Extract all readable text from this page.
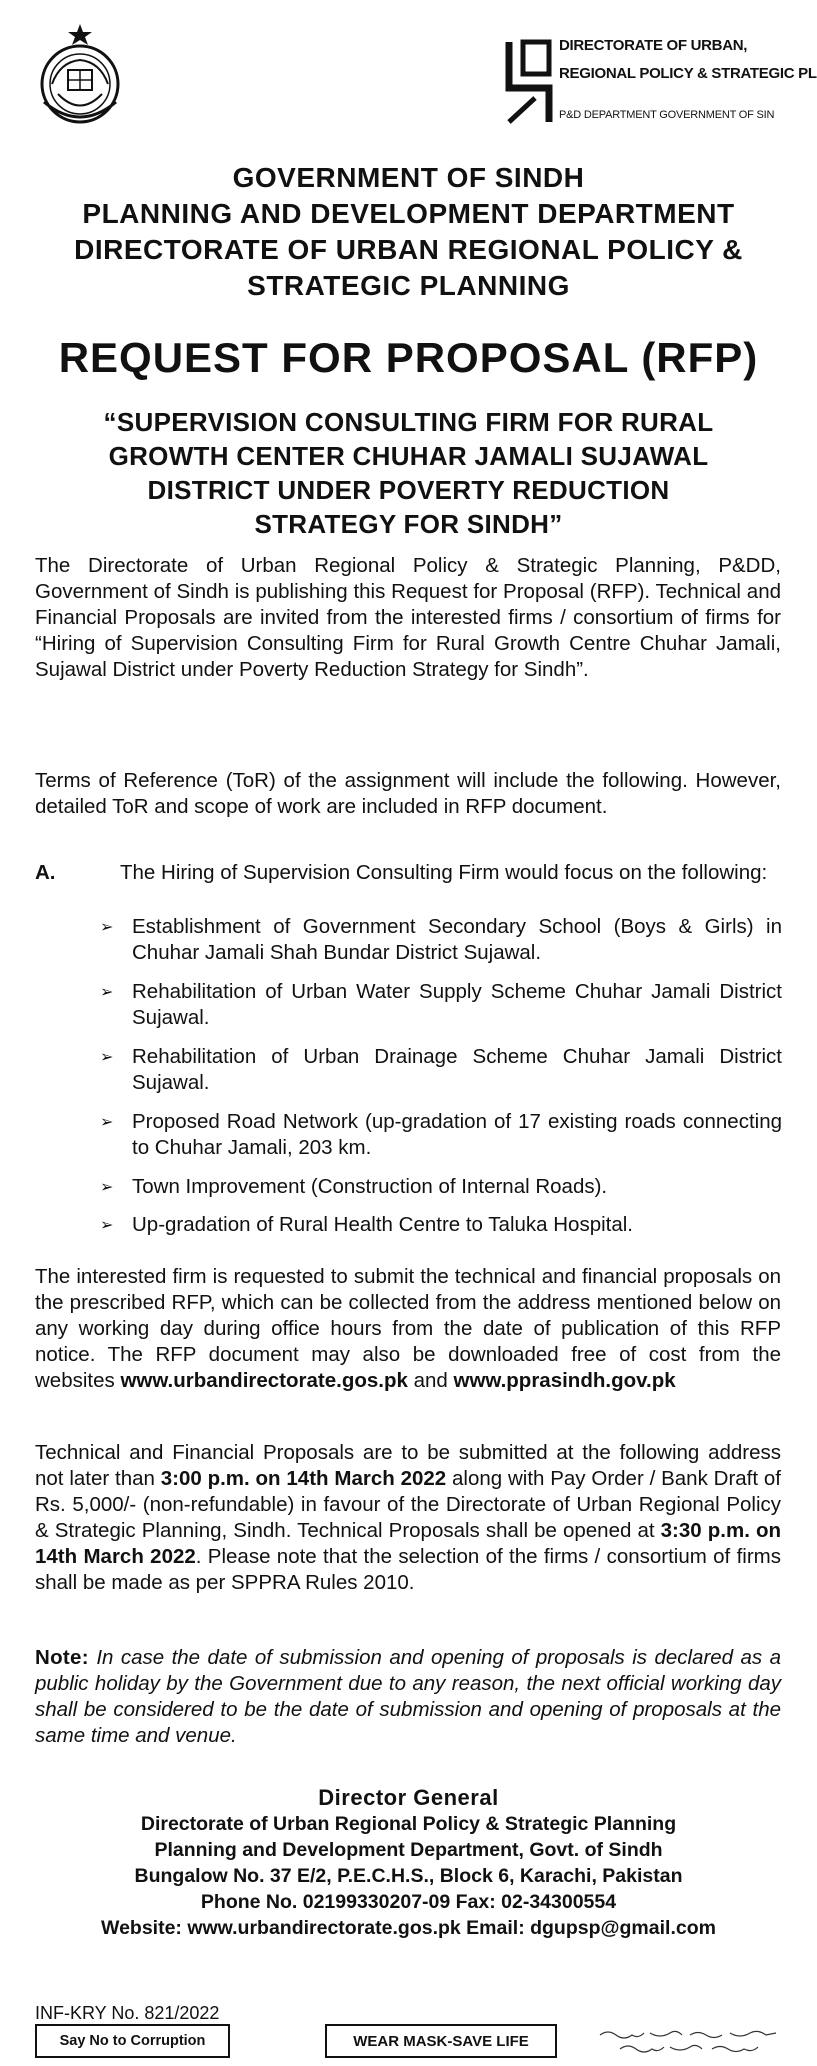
DIRECTORATE OF URBAN,
REGIONAL POLICY & STRATEGIC PL
P&D DEPARTMENT GOVERNMENT OF SIN
GOVERNMENT OF SINDH
PLANNING AND DEVELOPMENT DEPARTMENT
DIRECTORATE OF URBAN REGIONAL POLICY &
STRATEGIC PLANNING
REQUEST FOR PROPOSAL (RFP)
“SUPERVISION CONSULTING FIRM FOR RURAL
GROWTH CENTER CHUHAR JAMALI SUJAWAL
DISTRICT UNDER POVERTY REDUCTION
STRATEGY FOR SINDH”
The Directorate of Urban Regional Policy & Strategic Planning, P&DD, Government of Sindh is publishing this Request for Proposal (RFP). Technical and Financial Proposals are invited from the interested firms / consortium of firms for “Hiring of Supervision Consulting Firm for Rural Growth Centre Chuhar Jamali, Sujawal District under Poverty Reduction Strategy for Sindh”.
Terms of Reference (ToR) of the assignment will include the following. However, detailed ToR and scope of work are included in RFP document.
A.	The Hiring of Supervision Consulting Firm would focus on the following:
➢ Establishment of Government Secondary School (Boys & Girls) in Chuhar Jamali Shah Bundar District Sujawal.
➢ Rehabilitation of Urban Water Supply Scheme Chuhar Jamali District Sujawal.
➢ Rehabilitation of Urban Drainage Scheme Chuhar Jamali District Sujawal.
➢ Proposed Road Network (up-gradation of 17 existing roads connecting to Chuhar Jamali, 203 km.
➢ Town Improvement (Construction of Internal Roads).
➢ Up-gradation of Rural Health Centre to Taluka Hospital.
The interested firm is requested to submit the technical and financial proposals on the prescribed RFP, which can be collected from the address mentioned below on any working day during office hours from the date of publication of this RFP notice. The RFP document may also be downloaded free of cost from the websites www.urbandirectorate.gos.pk and www.pprasindh.gov.pk
Technical and Financial Proposals are to be submitted at the following address not later than 3:00 p.m. on 14th March 2022 along with Pay Order / Bank Draft of Rs. 5,000/- (non-refundable) in favour of the Directorate of Urban Regional Policy & Strategic Planning, Sindh. Technical Proposals shall be opened at 3:30 p.m. on 14th March 2022. Please note that the selection of the firms / consortium of firms shall be made as per SPPRA Rules 2010.
Note: In case the date of submission and opening of proposals is declared as a public holiday by the Government due to any reason, the next official working day shall be considered to be the date of submission and opening of proposals at the same time and venue.
Director General
Directorate of Urban Regional Policy & Strategic Planning
Planning and Development Department, Govt. of Sindh
Bungalow No. 37 E/2, P.E.C.H.S., Block 6, Karachi, Pakistan
Phone No. 02199330207-09 Fax: 02-34300554
Website: www.urbandirectorate.gos.pk Email: dgupsp@gmail.com
INF-KRY No. 821/2022
Say No to Corruption	WEAR MASK-SAVE LIFE
